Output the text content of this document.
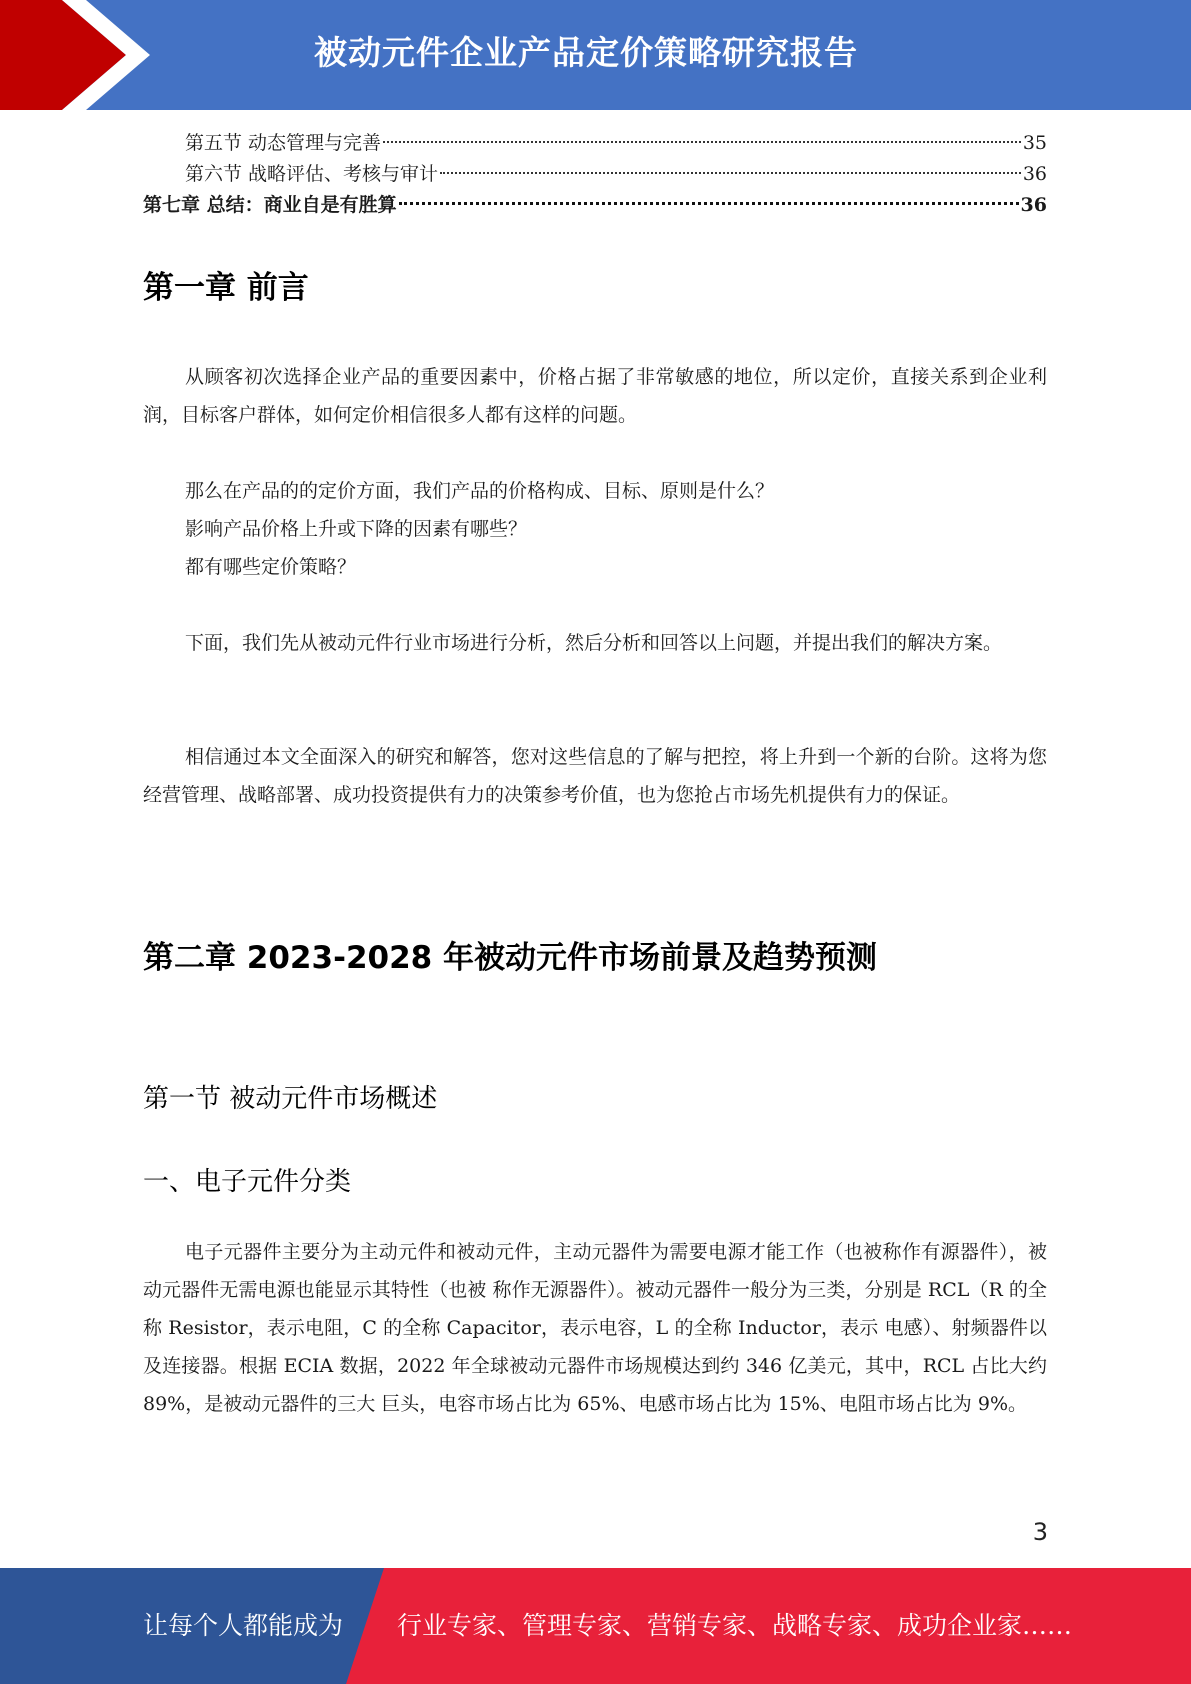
被动元件企业产品定价策略研究报告
第五节 动态管理与完善	35
第六节 战略评估、考核与审计	36
第七章 总结：商业自是有胜算	36
第一章 前言

从顾客初次选择企业产品的重要因素中，价格占据了非常敏感的地位，所以定价，直接关系到企业利润，目标客户群体，如何定价相信很多人都有这样的问题。

那么在产品的的定价方面，我们产品的价格构成、目标、原则是什么？
影响产品价格上升或下降的因素有哪些？
都有哪些定价策略？

下面，我们先从被动元件行业市场进行分析，然后分析和回答以上问题，并提出我们的解决方案。

相信通过本文全面深入的研究和解答，您对这些信息的了解与把控，将上升到一个新的台阶。这将为您经营管理、战略部署、成功投资提供有力的决策参考价值，也为您抢占市场先机提供有力的保证。

第二章 2023-2028 年被动元件市场前景及趋势预测
第一节 被动元件市场概述
一、电子元件分类

电子元器件主要分为主动元件和被动元件，主动元器件为需要电源才能工作（也被称作有源器件），被动元器件无需电源也能显示其特性（也被 称作无源器件）。被动元器件一般分为三类，分别是 RCL（R 的全称 Resistor，表示电阻，C 的全称 Capacitor，表示电容，L 的全称 Inductor，表示 电感）、射频器件以及连接器。根据 ECIA 数据，2022 年全球被动元器件市场规模达到约 346 亿美元，其中，RCL 占比大约 89%，是被动元器件的三大 巨头，电容市场占比为 65%、电感市场占比为 15%、电阻市场占比为 9%。

3
让每个人都能成为 行业专家、管理专家、营销专家、战略专家、成功企业家……
